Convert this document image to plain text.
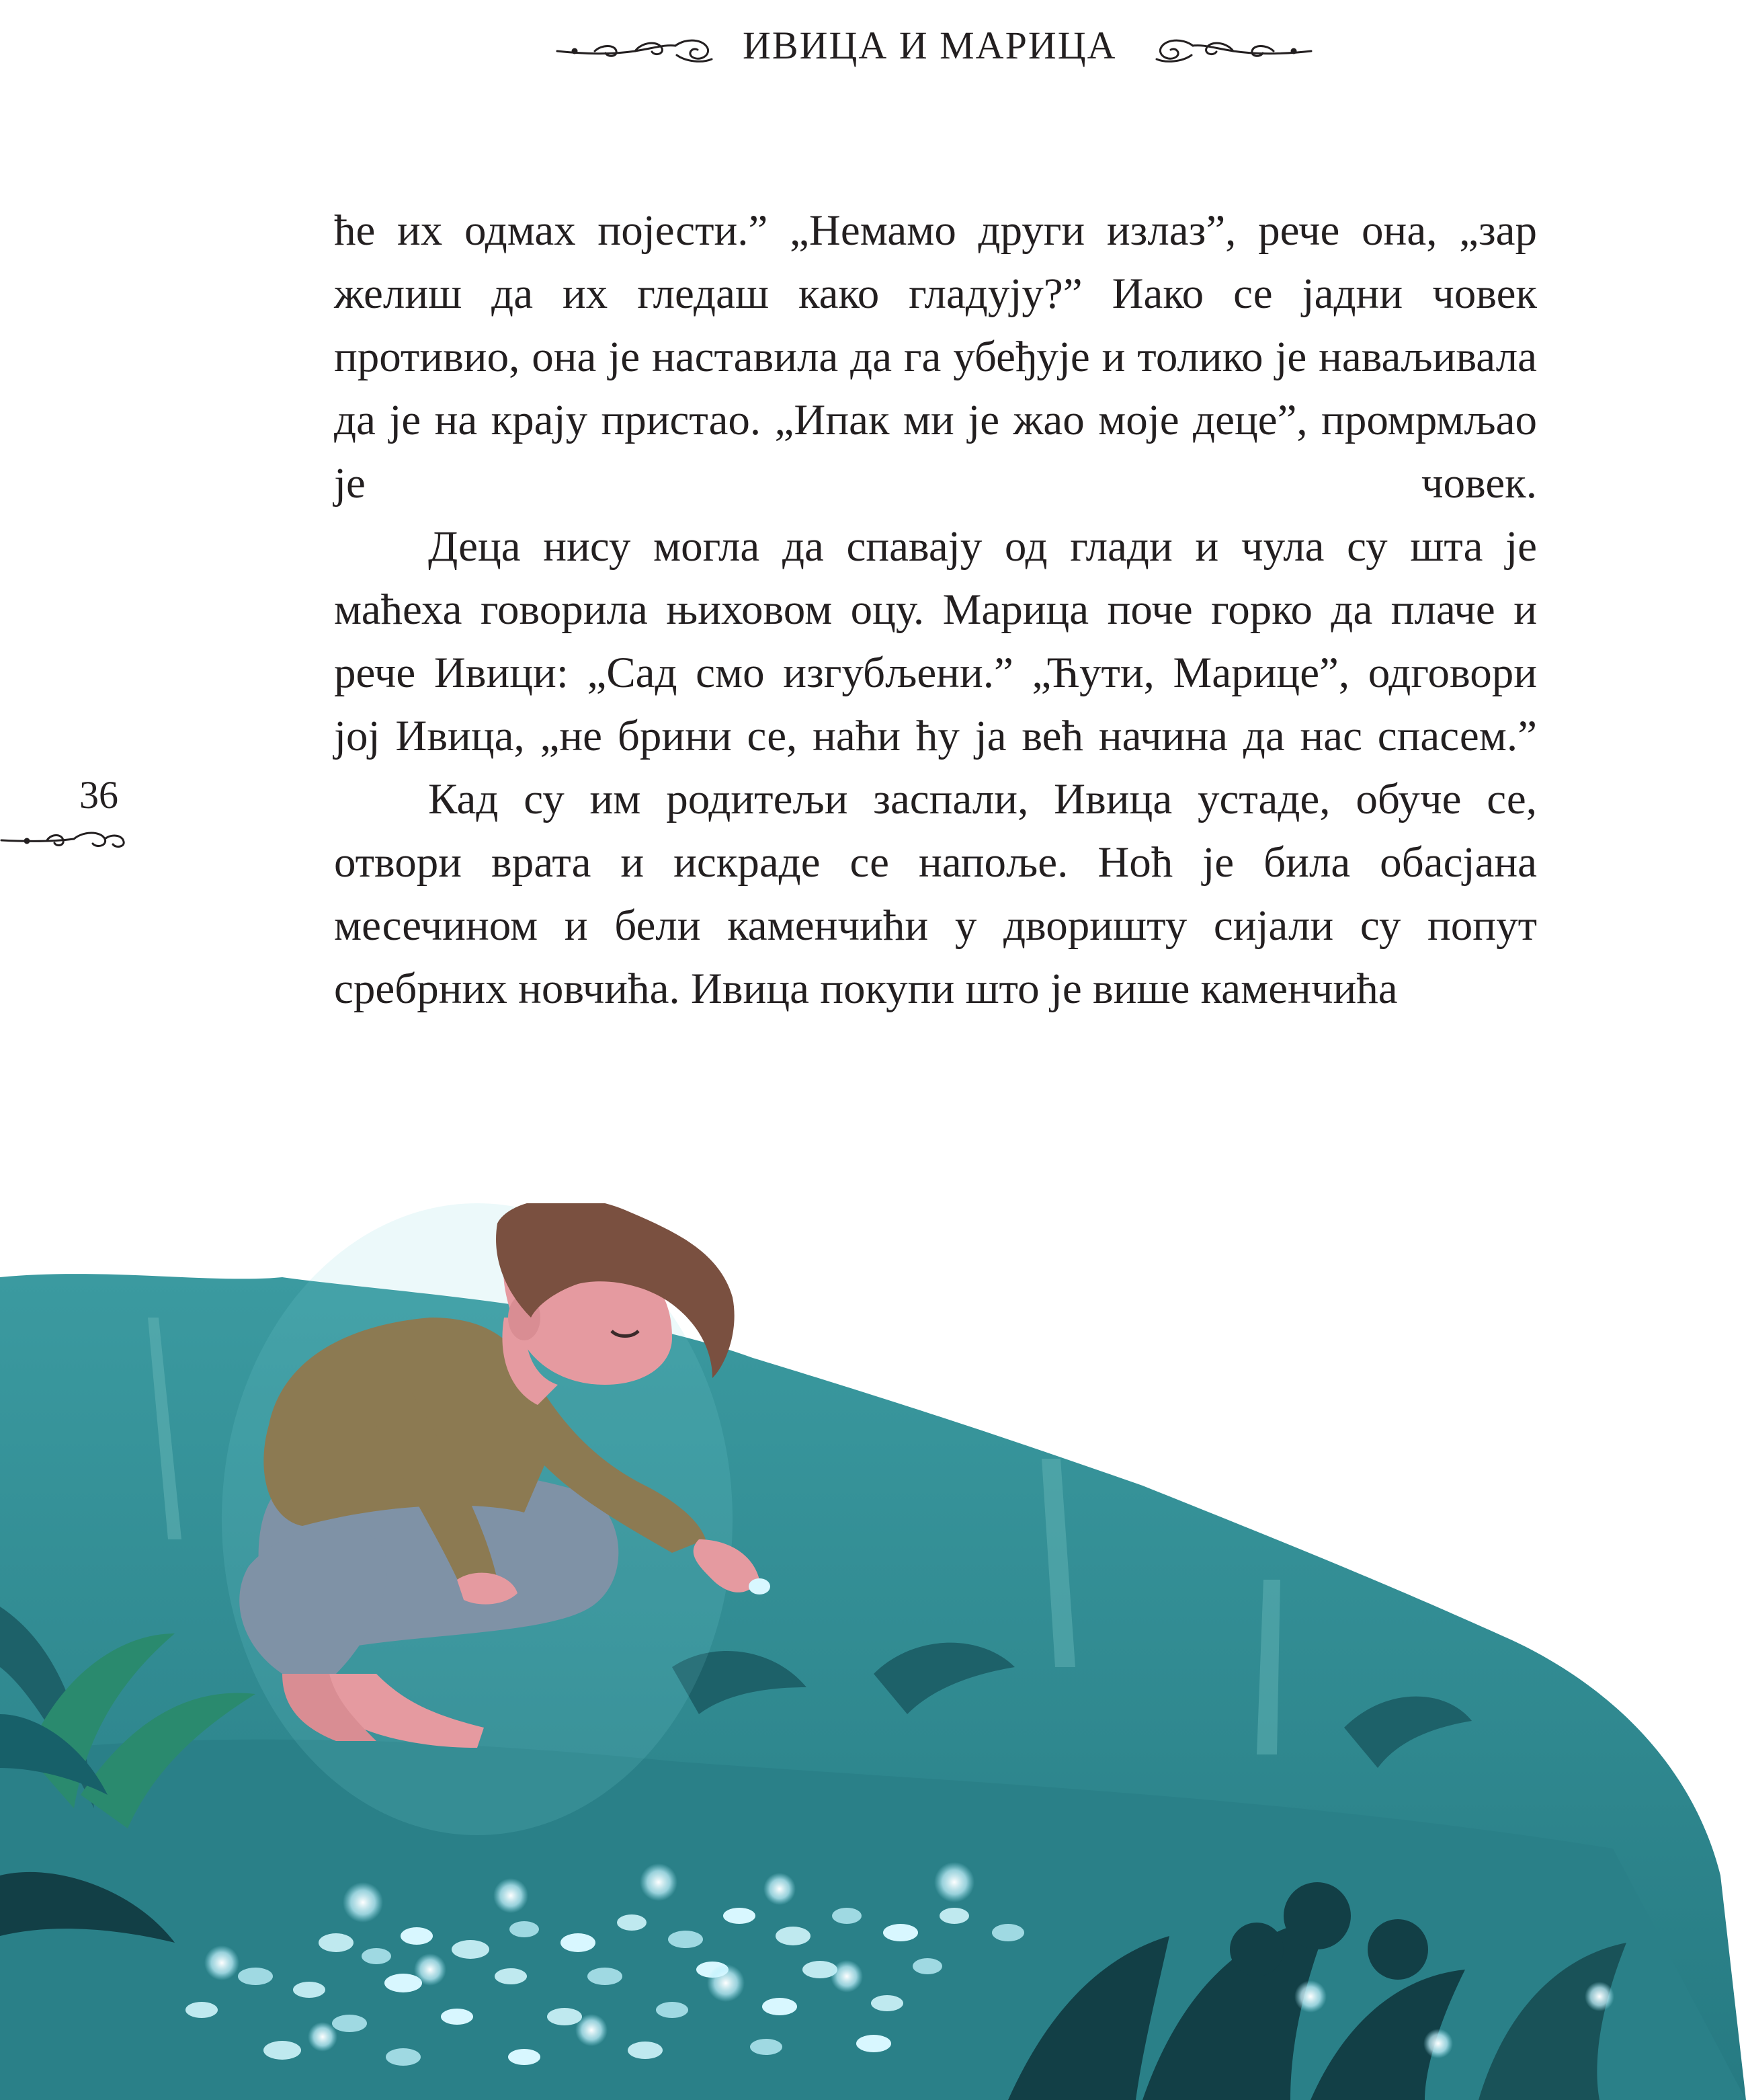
ИВИЦА И МАРИЦА

ће их одмах појести.” „Немамо други излаз”, рече она, „зар желиш да их гледаш како гладују?” Иако се јадни човек противио, она је наставила да га убеђује и толико је наваљивала да је на крају пристао. „Ипак ми је жао моје деце”, промрмљао је човек.

Деца нису могла да спавају од глади и чула су шта је маћеха говорила њиховом оцу. Марица поче горко да плаче и рече Ивици: „Сад смо изгубљени.” „Ћути, Марице”, одговори јој Ивица, „не брини се, наћи ћу ја већ начина да нас спасем.”

Кад су им родитељи заспали, Ивица устаде, обуче се, отвори врата и искраде се напоље. Ноћ је била обасјана месечином и бели каменчићи у дворишту сијали су попут сребрних новчића. Ивица покупи што је више каменчића

36
